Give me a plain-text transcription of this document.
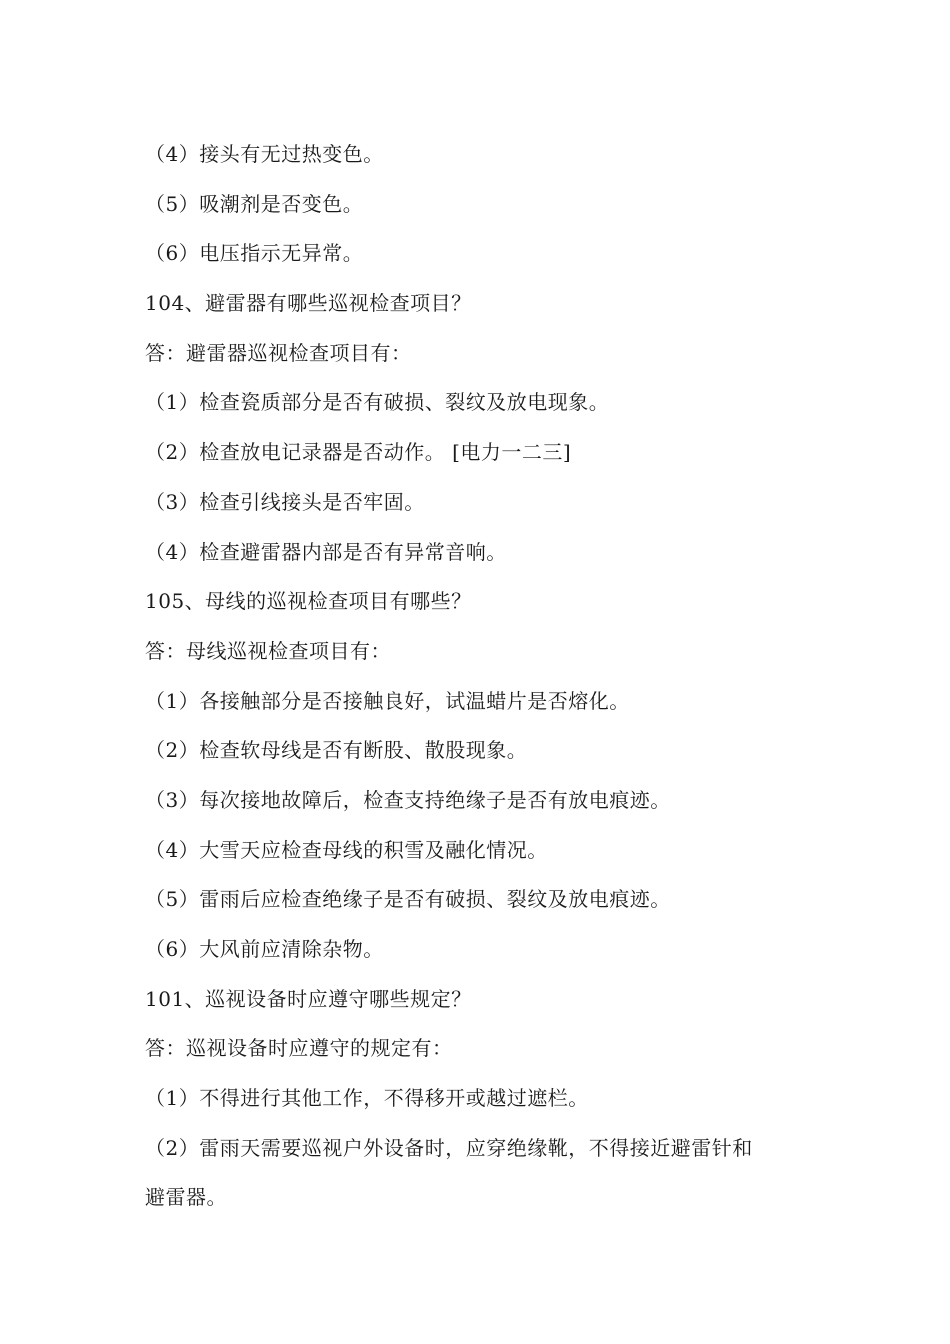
（4）接头有无过热变色。
（5）吸潮剂是否变色。
（6）电压指示无异常。
104、避雷器有哪些巡视检查项目？
答：避雷器巡视检查项目有：
（1）检查瓷质部分是否有破损、裂纹及放电现象。
（2）检查放电记录器是否动作。 [电力一二三]
（3）检查引线接头是否牢固。
（4）检查避雷器内部是否有异常音响。
105、母线的巡视检查项目有哪些？
答：母线巡视检查项目有：
（1）各接触部分是否接触良好，试温蜡片是否熔化。
（2）检查软母线是否有断股、散股现象。
（3）每次接地故障后，检查支持绝缘子是否有放电痕迹。
（4）大雪天应检查母线的积雪及融化情况。
（5）雷雨后应检查绝缘子是否有破损、裂纹及放电痕迹。
（6）大风前应清除杂物。
101、巡视设备时应遵守哪些规定？
答：巡视设备时应遵守的规定有：
（1）不得进行其他工作，不得移开或越过遮栏。
（2）雷雨天需要巡视户外设备时，应穿绝缘靴，不得接近避雷针和
避雷器。
